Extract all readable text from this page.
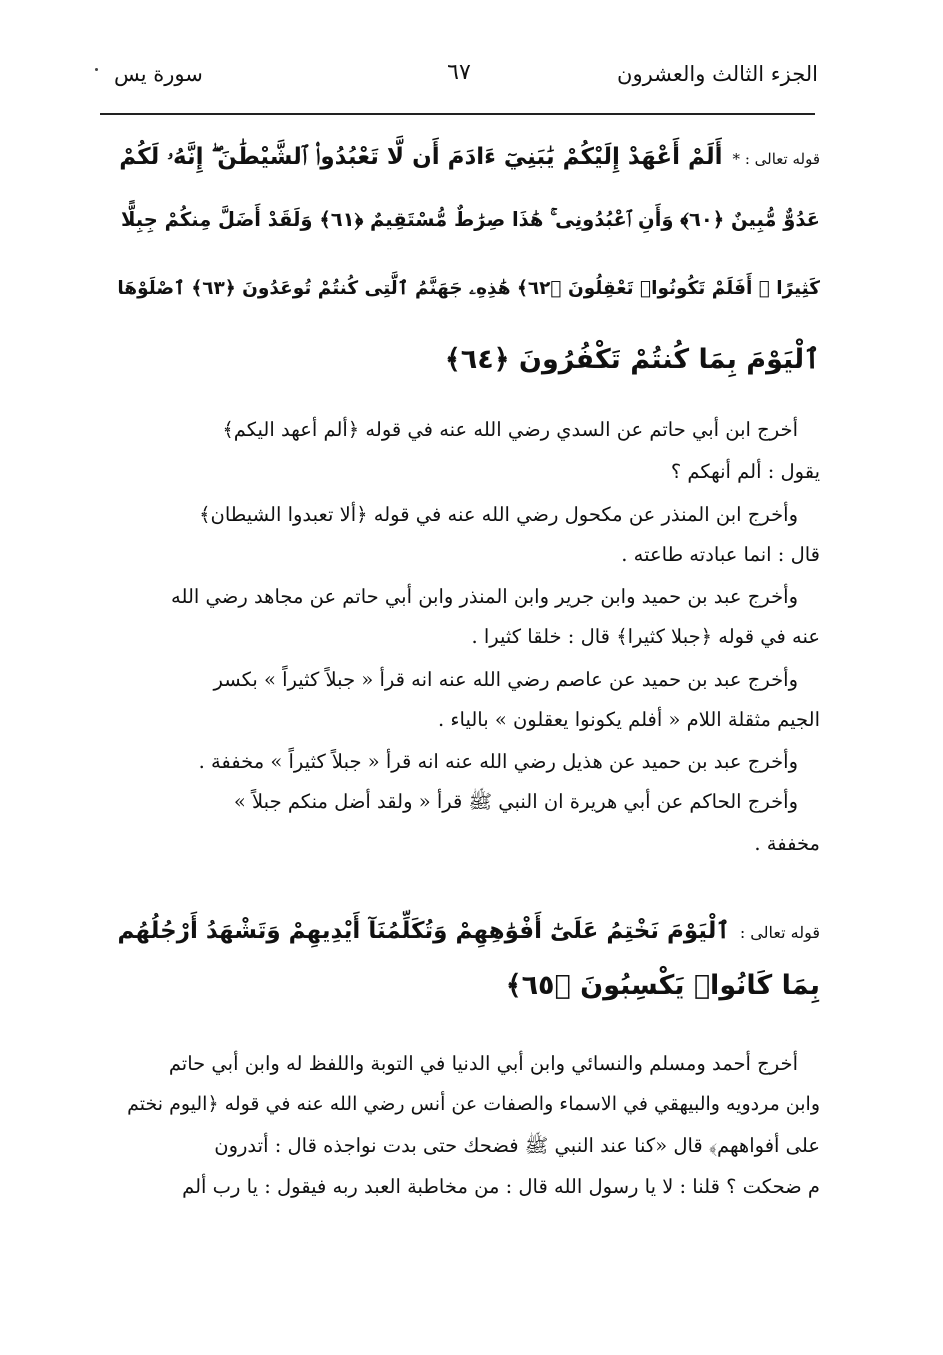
الجزء الثالث والعشرون
٦٧
سورة يس
قوله تعالى : *أَلَمْ أَعْهَدْ إِلَيْكُمْ يَٰبَنِيٓ ءَادَمَ أَن لَّا تَعْبُدُوا۟ ٱلشَّيْطَٰنَ ۖ إِنَّهُۥ لَكُمْ
عَدُوٌّ مُّبِينٌ ﴿٦٠﴾ وَأَنِ ٱعْبُدُونِى ۚ هَٰذَا صِرَٰطٌ مُّسْتَقِيمٌ ﴿٦١﴾ وَلَقَدْ أَضَلَّ مِنكُمْ جِبِلًّا
كَثِيرًا ۖ أَفَلَمْ تَكُونُوا۟ تَعْقِلُونَ ﴿٦٢﴾ هَٰذِهِۦ جَهَنَّمُ ٱلَّتِى كُنتُمْ تُوعَدُونَ ﴿٦٣﴾ ٱصْلَوْهَا
ٱلْيَوْمَ بِمَا كُنتُمْ تَكْفُرُونَ ﴿٦٤﴾
أخرج ابن أبي حاتم عن السدي رضي الله عنه في قوله ﴿ألم أعهد اليكم﴾
يقول : ألم أنهكم ؟
وأخرج ابن المنذر عن مكحول رضي الله عنه في قوله ﴿ألا تعبدوا الشيطان﴾
قال : انما عبادته طاعته .
وأخرج عبد بن حميد وابن جرير وابن المنذر وابن أبي حاتم عن مجاهد رضي الله
عنه في قوله ﴿جبلا كثيرا﴾ قال : خلقا كثيرا .
وأخرج عبد بن حميد عن عاصم رضي الله عنه انه قرأ « جبلاً كثيراً » بكسر
الجيم مثقلة اللام « أفلم يكونوا يعقلون » بالياء .
وأخرج عبد بن حميد عن هذيل رضي الله عنه انه قرأ « جبلاً كثيراً » مخففة .
وأخرج الحاكم عن أبي هريرة ان النبي ﷺ قرأ « ولقد أضل منكم جبلاً »
مخففة .
قوله تعالى :ٱلْيَوْمَ نَخْتِمُ عَلَىٰٓ أَفْوَٰهِهِمْ وَتُكَلِّمُنَآ أَيْدِيهِمْ وَتَشْهَدُ أَرْجُلُهُم
بِمَا كَانُوا۟ يَكْسِبُونَ ﴿٦٥﴾
أخرج أحمد ومسلم والنسائي وابن أبي الدنيا في التوبة واللفظ له وابن أبي حاتم
وابن مردويه والبيهقي في الاسماء والصفات عن أنس رضي الله عنه في قوله ﴿اليوم نختم
على أفواههم﴾ قال «كنا عند النبي ﷺ فضحك حتى بدت نواجذه قال : أتدرون
م ضحكت ؟ قلنا : لا يا رسول الله قال : من مخاطبة العبد ربه فيقول : يا رب ألم
